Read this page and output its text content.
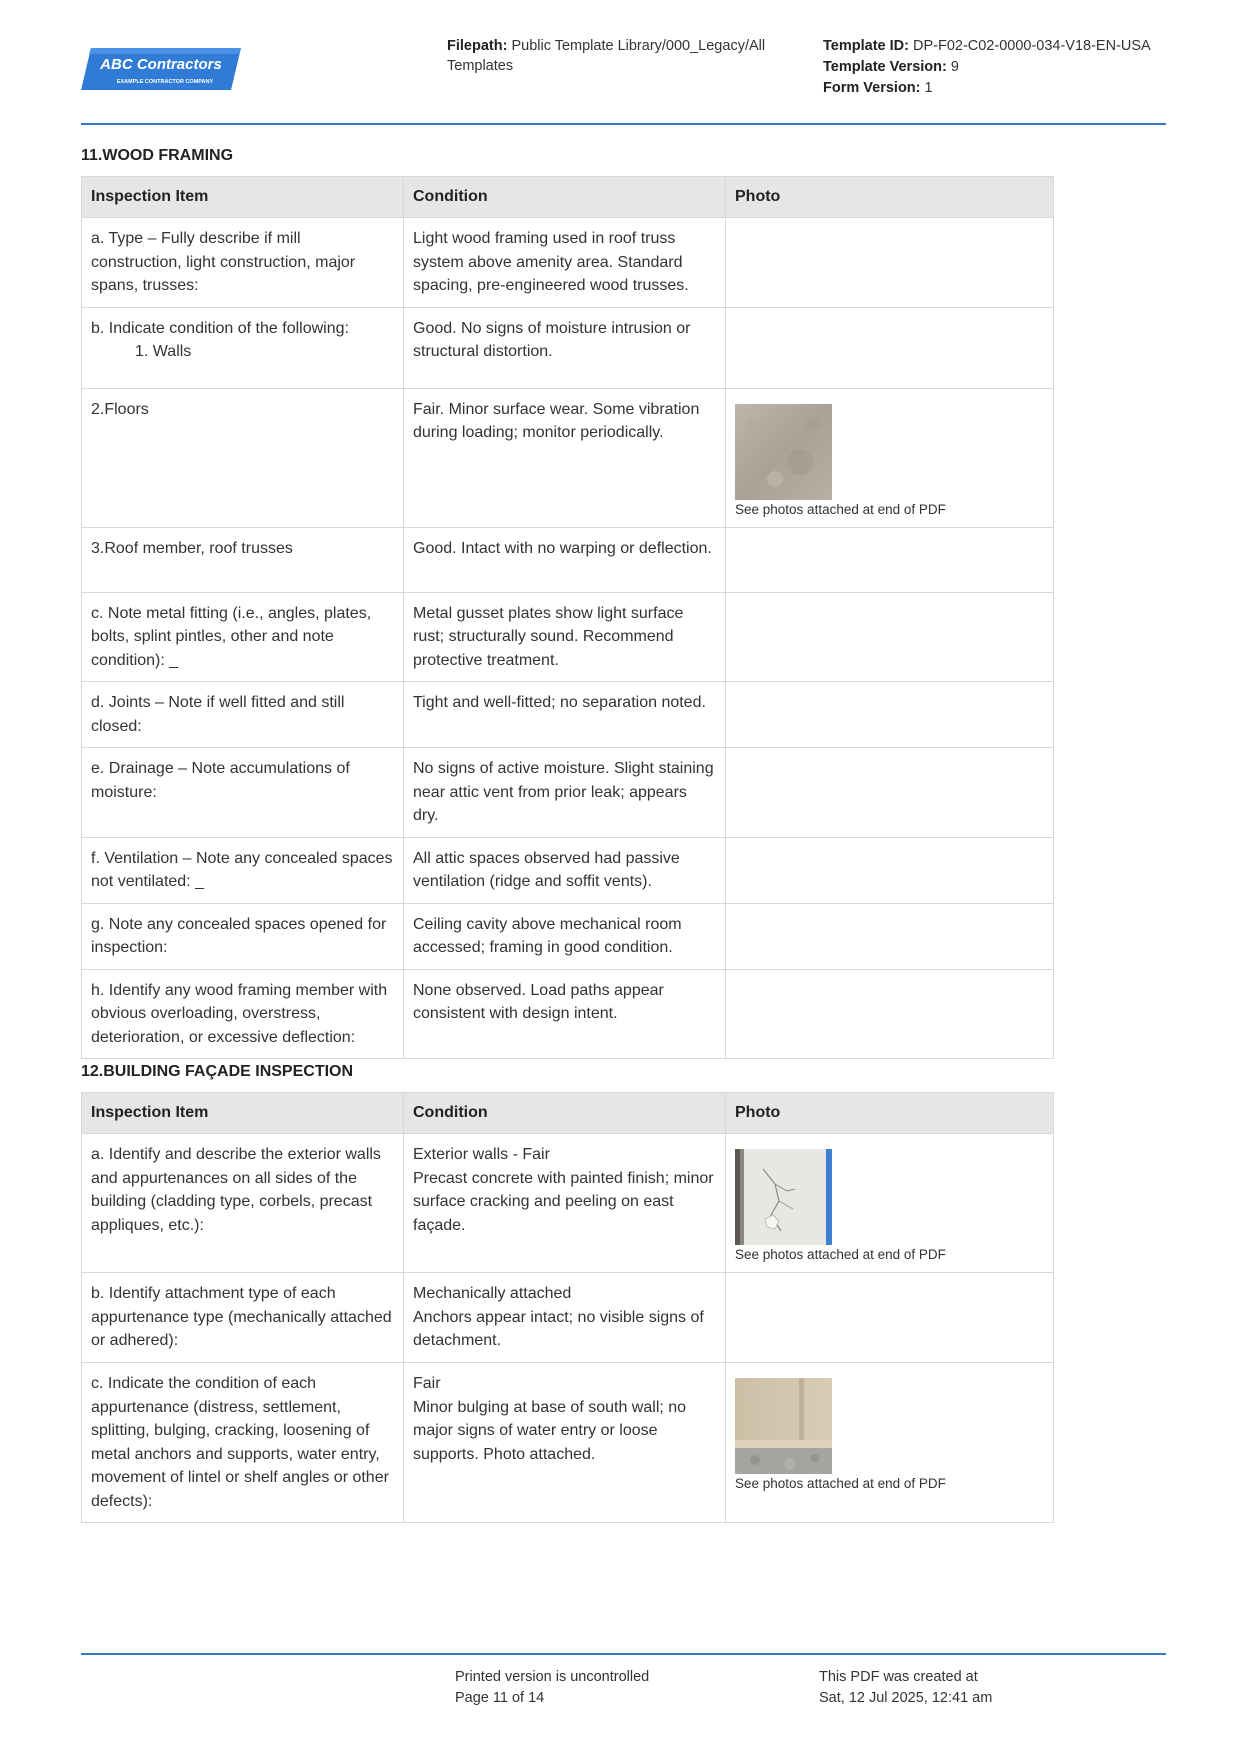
ABC Contractors
EXAMPLE CONTRACTOR COMPANY
Filepath: Public Template Library/000_Legacy/All Templates
Template ID: DP-F02-C02-0000-034-V18-EN-USA
Template Version: 9
Form Version: 1
11.WOOD FRAMING
Inspection Item	Condition	Photo
a. Type – Fully describe if mill construction, light construction, major spans, trusses:	Light wood framing used in roof truss system above amenity area. Standard spacing, pre-engineered wood trusses.	

b. Indicate condition of the following:
1. Walls	Good. No signs of moisture intrusion or structural distortion.	
2.Floors	Fair. Minor surface wear. Some vibration during loading; monitor periodically.	See photos attached at end of PDF

3.Roof member, roof trusses	Good. Intact with no warping or deflection.	
c. Note metal fitting (i.e., angles, plates, bolts, splint pintles, other and note condition): _	Metal gusset plates show light surface rust; structurally sound. Recommend protective treatment.	
d. Joints – Note if well fitted and still closed:	Tight and well-fitted; no separation noted.	
e. Drainage – Note accumulations of moisture:	No signs of active moisture. Slight staining near attic vent from prior leak; appears dry.	
f. Ventilation – Note any concealed spaces not ventilated: _	All attic spaces observed had passive ventilation (ridge and soffit vents).	
g. Note any concealed spaces opened for inspection:	Ceiling cavity above mechanical room accessed; framing in good condition.	
h. Identify any wood framing member with obvious overloading, overstress, deterioration, or excessive deflection:	None observed. Load paths appear consistent with design intent.	
12.BUILDING FAÇADE INSPECTION
Inspection Item	Condition	Photo
a. Identify and describe the exterior walls and appurtenances on all sides of the building (cladding type, corbels, precast appliques, etc.):	Exterior walls - Fair
Precast concrete with painted finish; minor surface cracking and peeling on east façade.	See photos attached at end of PDF

b. Identify attachment type of each appurtenance type (mechanically attached or adhered):	Mechanically attached
Anchors appear intact; no visible signs of detachment.	

c. Indicate the condition of each appurtenance (distress, settlement, splitting, bulging, cracking, loosening of metal anchors and supports, water entry, movement of lintel or shelf angles or other defects):	Fair
Minor bulging at base of south wall; no major signs of water entry or loose supports. Photo attached.	See photos attached at end of PDF
Printed version is uncontrolled
Page 11 of 14
This PDF was created at
Sat, 12 Jul 2025, 12:41 am
